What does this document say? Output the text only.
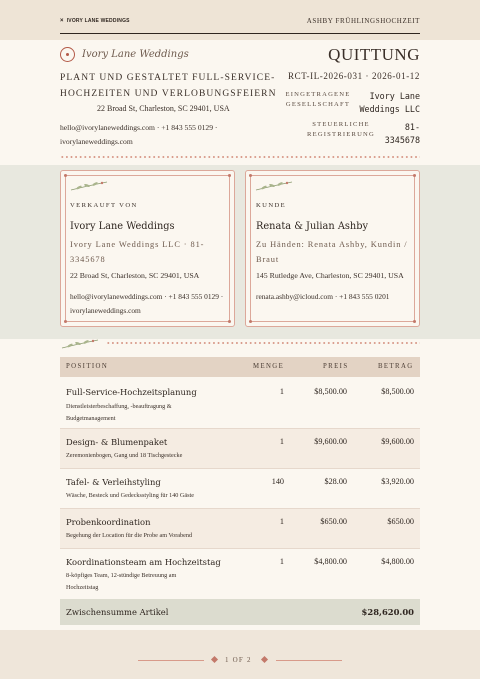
× IVORY LANE WEDDINGS	ASHBY FRÜHLINGSHOCHZEIT
Ivory Lane Weddings
PLANT UND GESTALTET FULL-SERVICE-HOCHZEITEN UND VERLOBUNGSFEIERN
22 Broad St, Charleston, SC 29401, USA
hello@ivorylaneweddings.com · +1 843 555 0129 · ivorylaneweddings.com
QUITTUNG
RCT-IL-2026-031 · 2026-01-12
EINGETRAGENE GESELLSCHAFT
Ivory Lane Weddings LLC
STEUERLICHE REGISTRIERUNG
81-3345678
VERKAUFT VON
Ivory Lane Weddings
Ivory Lane Weddings LLC · 81-3345678
22 Broad St, Charleston, SC 29401, USA
hello@ivorylaneweddings.com · +1 843 555 0129 · ivorylaneweddings.com
KUNDE
Renata & Julian Ashby
Zu Händen: Renata Ashby, Kundin / Braut
145 Rutledge Ave, Charleston, SC 29401, USA
renata.ashby@icloud.com · +1 843 555 0201
POSITION	MENGE	PREIS	BETRAG
Full-Service-Hochzeitsplanung
Dienstleisterbeschaffung, -beauftragung & Budgetmanagement
1	$8,500.00	$8,500.00
Design- & Blumenpaket
Zeremonienbogen, Gang und 18 Tischgestecke
1	$9,600.00	$9,600.00
Tafel- & Verleihstyling
Wäsche, Besteck und Gedecksstyling für 140 Gäste
140	$28.00	$3,920.00
Probenkoordination
Begehung der Location für die Probe am Vorabend
1	$650.00	$650.00
Koordinationsteam am Hochzeitstag
8-köpfiges Team, 12-stündige Betreuung am Hochzeitstag
1	$4,800.00	$4,800.00
Zwischensumme Artikel	$28,620.00
1 OF 2
